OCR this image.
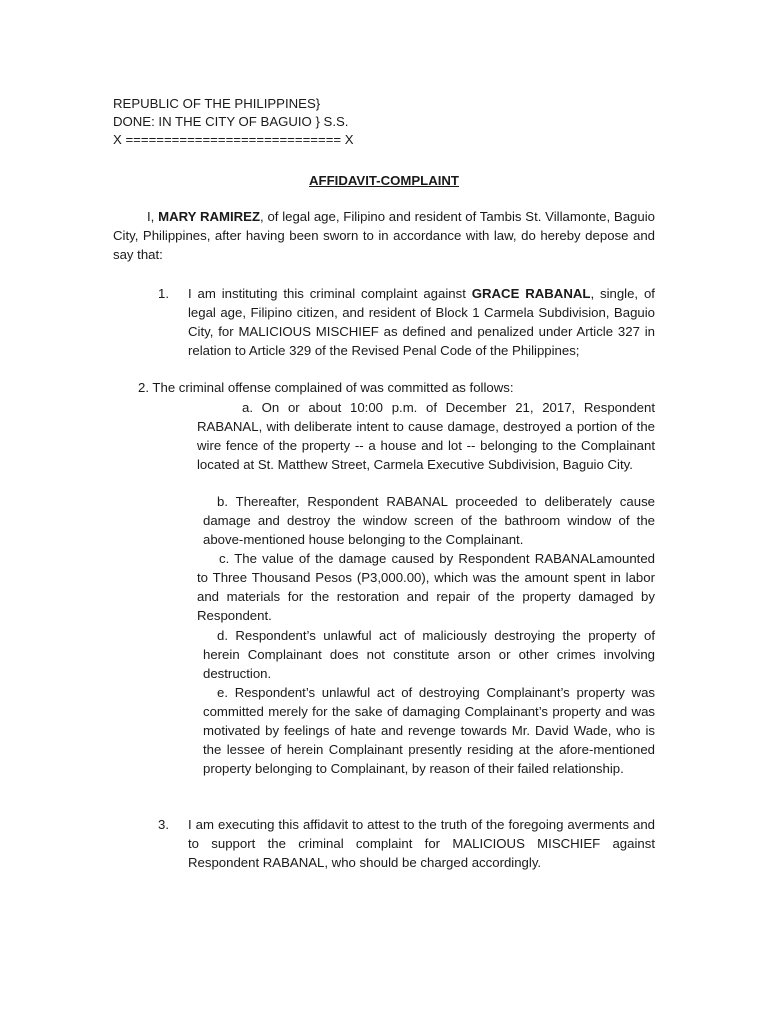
REPUBLIC OF THE PHILIPPINES}
DONE: IN THE CITY OF BAGUIO } S.S.
X ============================ X
AFFIDAVIT-COMPLAINT
I, MARY RAMIREZ, of legal age, Filipino and resident of Tambis St. Villamonte, Baguio City, Philippines, after having been sworn to in accordance with law, do hereby depose and say that:
1. I am instituting this criminal complaint against GRACE RABANAL, single, of legal age, Filipino citizen, and resident of Block 1 Carmela Subdivision, Baguio City, for MALICIOUS MISCHIEF as defined and penalized under Article 327 in relation to Article 329 of the Revised Penal Code of the Philippines;
2. The criminal offense complained of was committed as follows:
a. On or about 10:00 p.m. of December 21, 2017, Respondent RABANAL, with deliberate intent to cause damage, destroyed a portion of the wire fence of the property -- a house and lot -- belonging to the Complainant located at St. Matthew Street, Carmela Executive Subdivision, Baguio City.
b. Thereafter, Respondent RABANAL proceeded to deliberately cause damage and destroy the window screen of the bathroom window of the above-mentioned house belonging to the Complainant.
c. The value of the damage caused by Respondent RABANALamounted to Three Thousand Pesos (P3,000.00), which was the amount spent in labor and materials for the restoration and repair of the property damaged by Respondent.
d. Respondent’s unlawful act of maliciously destroying the property of herein Complainant does not constitute arson or other crimes involving destruction.
e. Respondent’s unlawful act of destroying Complainant’s property was committed merely for the sake of damaging Complainant’s property and was motivated by feelings of hate and revenge towards Mr. David Wade, who is the lessee of herein Complainant presently residing at the afore-mentioned property belonging to Complainant, by reason of their failed relationship.
3. I am executing this affidavit to attest to the truth of the foregoing averments and to support the criminal complaint for MALICIOUS MISCHIEF against Respondent RABANAL, who should be charged accordingly.
